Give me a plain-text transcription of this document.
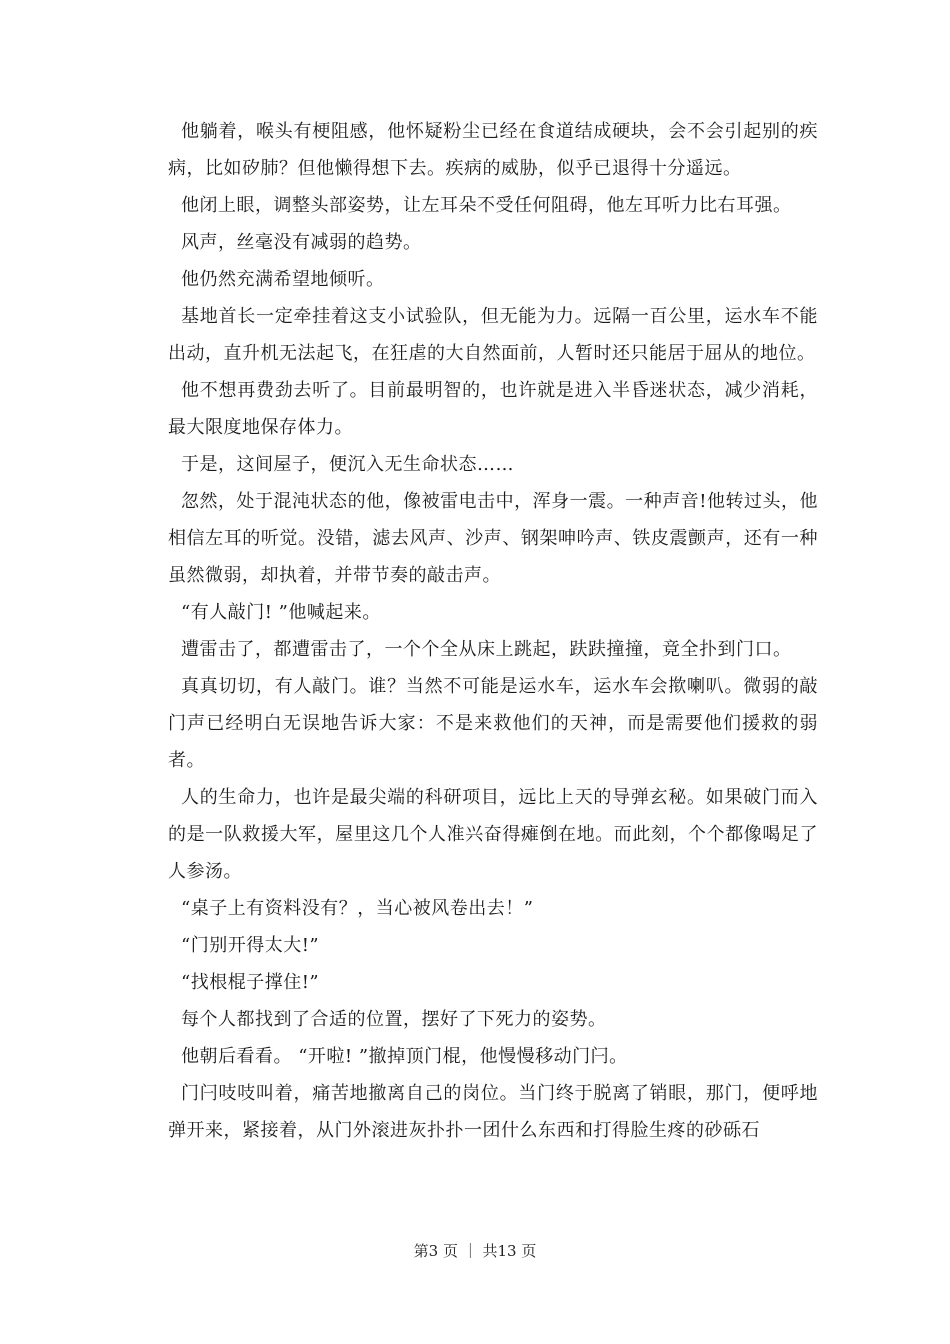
他躺着，喉头有梗阻感，他怀疑粉尘已经在食道结成硬块，会不会引起别的疾病，比如矽肺？但他懒得想下去。疾病的威胁，似乎已退得十分遥远。

他闭上眼，调整头部姿势，让左耳朵不受任何阻碍，他左耳听力比右耳强。

风声，丝毫没有减弱的趋势。

他仍然充满希望地倾听。

基地首长一定牵挂着这支小试验队，但无能为力。远隔一百公里，运水车不能出动，直升机无法起飞，在狂虐的大自然面前，人暂时还只能居于屈从的地位。

他不想再费劲去听了。目前最明智的，也许就是进入半昏迷状态，减少消耗，最大限度地保存体力。

于是，这间屋子，便沉入无生命状态……

忽然，处于混沌状态的他，像被雷电击中，浑身一震。一种声音!他转过头，他相信左耳的听觉。没错，滤去风声、沙声、钢架呻吟声、铁皮震颤声，还有一种虽然微弱，却执着，并带节奏的敲击声。

“有人敲门! ”他喊起来。

遭雷击了，都遭雷击了，一个个全从床上跳起，趺趺撞撞，竟全扑到门口。

真真切切，有人敲门。谁？当然不可能是运水车，运水车会揿喇叭。微弱的敲门声已经明白无误地告诉大家：不是来救他们的天神，而是需要他们援救的弱者。

人的生命力，也许是最尖端的科研项目，远比上天的导弹玄秘。如果破门而入的是一队救援大军，屋里这几个人准兴奋得瘫倒在地。而此刻，个个都像喝足了人参汤。

“桌子上有资料没有？，当心被风卷出去！”

“门别开得太大!”

“找根棍子撑住!”

每个人都找到了合适的位置，摆好了下死力的姿势。

他朝后看看。 “开啦! ”撤掉顶门棍，他慢慢移动门闩。

门闩吱吱叫着，痛苦地撤离自己的岗位。当门终于脱离了销眼，那门，便呼地弹开来，紧接着，从门外滚进灰扑扑一团什么东西和打得脸生疼的砂砾石

第3 页 ｜ 共13 页
